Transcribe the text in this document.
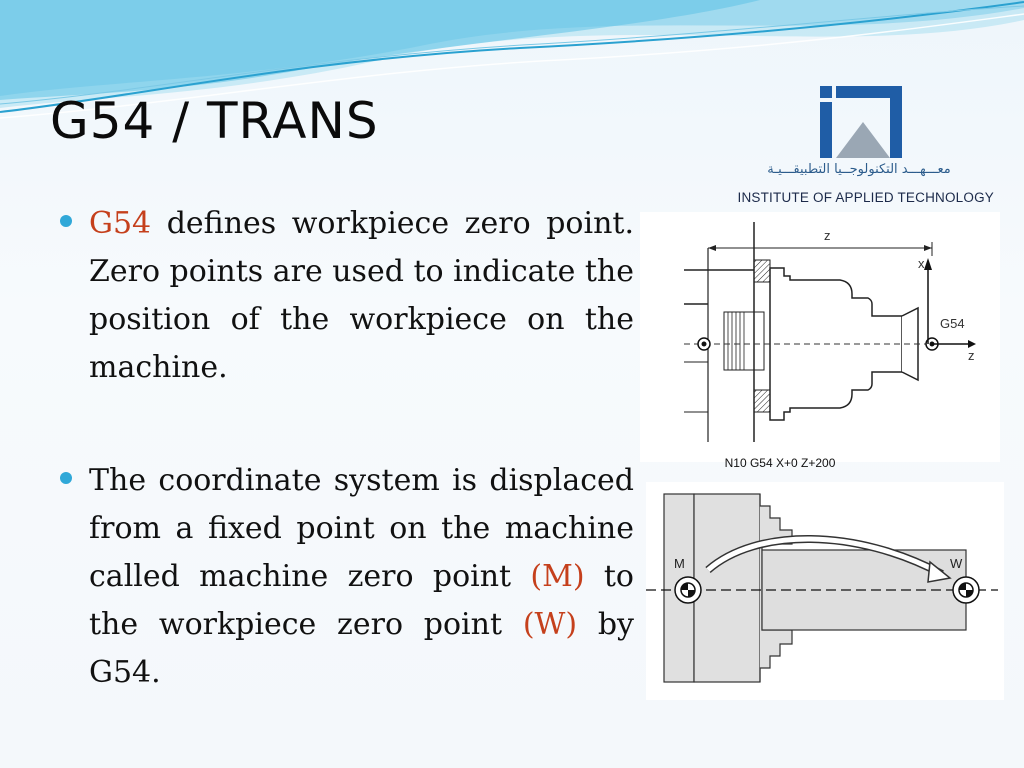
G54 / TRANS
معـــهـــد التكنولوجــيا التطبيقـــيـة
INSTITUTE OF APPLIED TECHNOLOGY

G54 defines workpiece zero point. Zero points are used to indicate the position of the workpiece on the machine.

The coordinate system is displaced from a fixed point on the machine called machine zero point (M) to the workpiece zero point (W) by G54.

z
x
z
G54
N10 G54 X+0 Z+200
M	W
